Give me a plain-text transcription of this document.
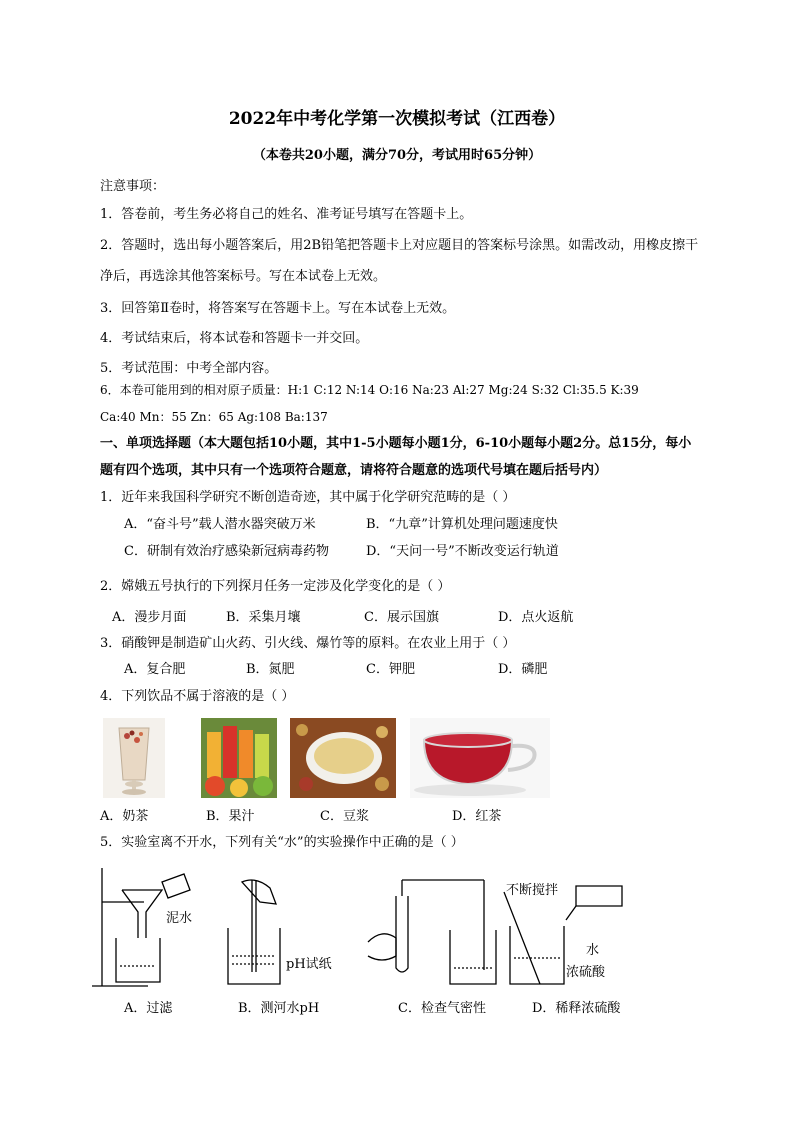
2022年中考化学第一次模拟考试（江西卷）
（本卷共20小题，满分70分，考试用时65分钟）
注意事项：
1．答卷前，考生务必将自己的姓名、准考证号填写在答题卡上。
2．答题时，选出每小题答案后，用2B铅笔把答题卡上对应题目的答案标号涂黑。如需改动，用橡皮擦干
净后，再选涂其他答案标号。写在本试卷上无效。
3．回答第Ⅱ卷时，将答案写在答题卡上。写在本试卷上无效。
4．考试结束后，将本试卷和答题卡一并交回。
5．考试范围：中考全部内容。
6．本卷可能用到的相对原子质量：H:1 C:12 N:14 O:16 Na:23 Al:27 Mg:24 S:32 Cl:35.5 K:39
Ca:40 Mn：55 Zn：65 Ag:108 Ba:137
一、单项选择题（本大题包括10小题，其中1-5小题每小题1分，6-10小题每小题2分。总15分，每小
题有四个选项，其中只有一个选项符合题意，请将符合题意的选项代号填在题后括号内）
1．近年来我国科学研究不断创造奇迹，其中属于化学研究范畴的是（ ）
A．“奋斗号”载人潜水器突破万米	B．“九章”计算机处理问题速度快
C．研制有效治疗感染新冠病毒药物	D．“天问一号”不断改变运行轨道
2．嫦娥五号执行的下列探月任务一定涉及化学变化的是（ ）
A．漫步月面	B．采集月壤	C．展示国旗	D．点火返航
3．硝酸钾是制造矿山火药、引火线、爆竹等的原料。在农业上用于（ ）
A．复合肥	B．氮肥	C．钾肥	D．磷肥
4．下列饮品不属于溶液的是（ ）
A．奶茶	B．果汁	C．豆浆	D．红茶
5．实验室离不开水，下列有关“水”的实验操作中正确的是（ ）
泥水
pH试纸
不断搅拌
水
浓硫酸
A．过滤	B．测河水pH	C．检查气密性	D．稀释浓硫酸
